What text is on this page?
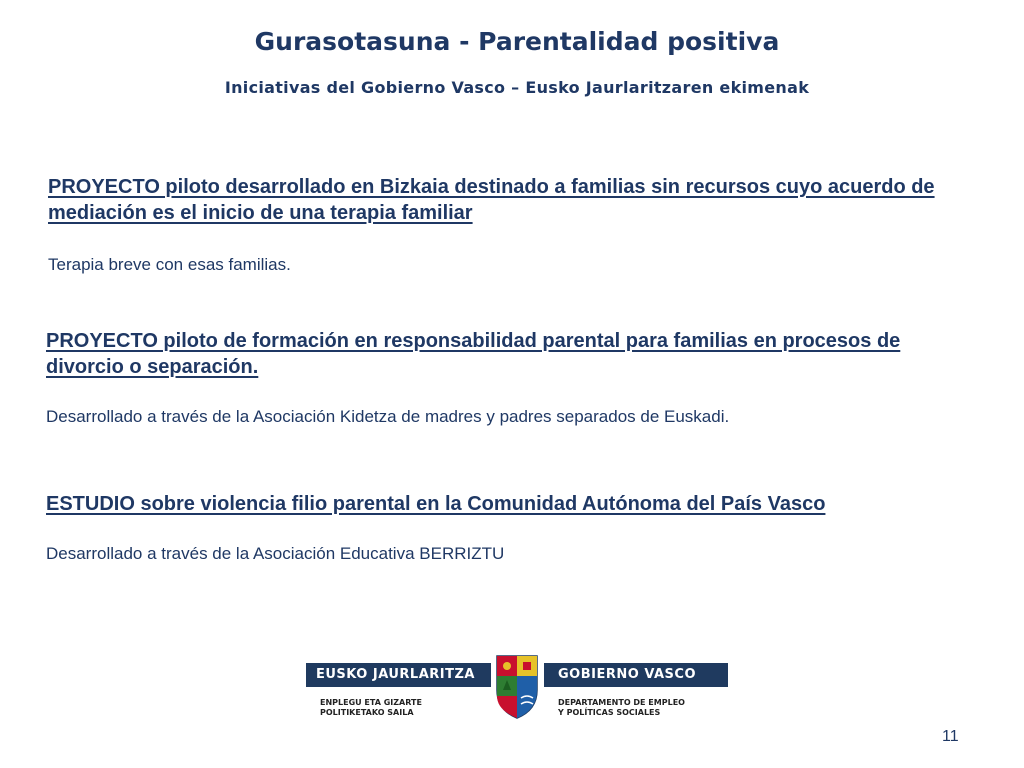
Gurasotasuna - Parentalidad positiva
Iniciativas del Gobierno Vasco – Eusko Jaurlaritzaren ekimenak
PROYECTO piloto desarrollado en Bizkaia destinado a familias sin recursos cuyo acuerdo de mediación es el inicio de una terapia familiar
Terapia breve con esas familias.
PROYECTO piloto de formación en responsabilidad parental para familias en procesos de divorcio o separación.
Desarrollado a través de la Asociación Kidetza de madres y padres separados de Euskadi.
ESTUDIO sobre violencia filio parental en la Comunidad Autónoma del País Vasco
Desarrollado a través de la Asociación Educativa BERRIZTU
EUSKO JAURLARITZA	GOBIERNO VASCO
ENPLEGU ETA GIZARTE
POLITIKETAKO SAILA
DEPARTAMENTO DE EMPLEO
Y POLÍTICAS SOCIALES
11
